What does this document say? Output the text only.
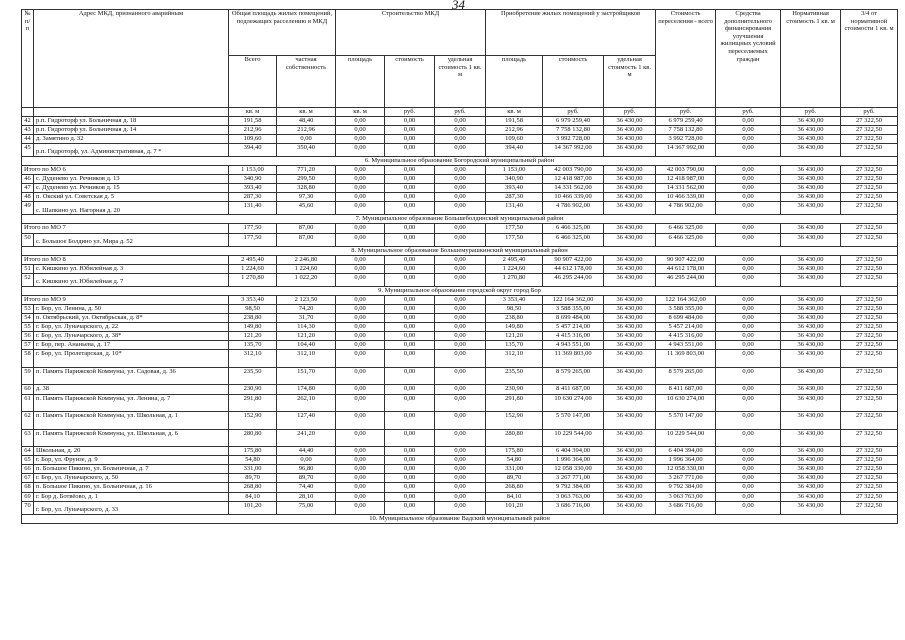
34
№ п/п	Адрес МКД, признанного аварийным	Общая площадь жилых помещений, подлежащих расселению в МКД		Строительство МКД			Приобретение жилых помещений у застройщиков			Стоимость переселения - всего	Средства дополнительного финансирования улучшения жилищных условий переселяемых граждан	Нормативная стоимость 1 кв. м	3/4 от нормативной стоимости 1 кв. м
		Всего	частная собственность	площадь	стоимость	удельная стоимость 1 кв. м	площадь	стоимость	удельная стоимость 1 кв. м				
		кв. м	кв. м	кв. м	руб.	руб.	кв. м	руб.	руб.	руб.	руб.	руб.	руб.
42	р.п. Гидроторф ул. Больничная д. 18	191,58	48,40	0,00	0,00	0,00	191,58	6 979 259,40	36 430,00	6 979 259,40	0,00	36 430,00	27 322,50
43	р.п. Гидроторф ул. Больничная д. 14	212,96	212,96	0,00	0,00	0,00	212,96	7 758 132,80	36 430,00	7 758 132,80	0,00	36 430,00	27 322,50
44	д. Замятино д. 32	109,60	0,00	0,00	0,00	0,00	109,60	3 992 728,00	36 430,00	3 992 728,00	0,00	36 430,00	27 322,50
45	р.п. Гидроторф, ул. Административная, д. 7 *	394,40	350,40	0,00	0,00	0,00	394,40	14 367 992,00	36 430,00	14 367 992,00	0,00	36 430,00	27 322,50
6. Муниципальное образование Богородский муниципальный район													
Итого по МО 6		1 153,00	771,20	0,00	0,00	0,00	1 153,00	42 003 790,00	36 430,00	42 003 790,00	0,00	36 430,00	27 322,50
46	с. Дуденево ул. Речников д. 13	340,90	299,50	0,00	0,00	0,00	340,90	12 418 987,00	36 430,00	12 418 987,00	0,00	36 430,00	27 322,50
47	с. Дуденево ул. Речников д. 15	393,40	328,80	0,00	0,00	0,00	393,40	14 331 562,00	36 430,00	14 331 562,00	0,00	36 430,00	27 322,50
48	п. Окский ул. Советская д. 5	287,30	97,30	0,00	0,00	0,00	287,30	10 466 339,00	36 430,00	10 466 339,00	0,00	36 430,00	27 322,50
49	с. Шапкино ул. Нагорная д. 20	131,40	45,60	0,00	0,00	0,00	131,40	4 786 902,00	36 430,00	4 786 902,00	0,00	36 430,00	27 322,50
7. Муниципальное образование Большеболдинский муниципальный район													
Итого по МО 7		177,50	87,00	0,00	0,00	0,00	177,50	6 466 325,00	36 430,00	6 466 325,00	0,00	36 430,00	27 322,50
50	с. Большое Болдино ул. Мира д. 52	177,50	87,00	0,00	0,00	0,00	177,50	6 466 325,00	36 430,00	6 466 325,00	0,00	36 430,00	27 322,50
8. Муниципальное образование Большемурашкинский муниципальный район													
Итого по МО 8		2 495,40	2 246,80	0,00	0,00	0,00	2 495,40	90 907 422,00	36 430,00	90 907 422,00	0,00	36 430,00	27 322,50
51	с. Кишкино ул. Юбилейная д. 3	1 224,60	1 224,60	0,00	0,00	0,00	1 224,60	44 612 178,00	36 430,00	44 612 178,00	0,00	36 430,00	27 322,50
52	с. Кишкино ул. Юбилейная д. 7	1 270,80	1 022,20	0,00	0,00	0,00	1 270,80	46 295 244,00	36 430,00	46 295 244,00	0,00	36 430,00	27 322,50
9. Муниципальное образование городской округ город Бор													
Итого по МО 9		3 353,40	2 123,50	0,00	0,00	0,00	3 353,40	122 164 362,00	36 430,00	122 164 362,00	0,00	36 430,00	27 322,50
53	г. Бор, ул. Ленина, д. 50	98,50	74,20	0,00	0,00	0,00	98,50	3 588 355,00	36 430,00	3 588 355,00	0,00	36 430,00	27 322,50
54	п. Октябрьский, ул. Октябрьская, д. 8*	238,80	31,70	0,00	0,00	0,00	238,80	8 699 484,00	36 430,00	8 699 484,00	0,00	36 430,00	27 322,50
55	г. Бор, ул. Луначарского, д. 22	149,80	114,30	0,00	0,00	0,00	149,80	5 457 214,00	36 430,00	5 457 214,00	0,00	36 430,00	27 322,50
56	г. Бор, ул. Луначарского, д. 38*	121,20	121,20	0,00	0,00	0,00	121,20	4 415 316,00	36 430,00	4 415 316,00	0,00	36 430,00	27 322,50
57	г. Бор, пер. Ананьева, д. 17	135,70	104,40	0,00	0,00	0,00	135,70	4 943 551,00	36 430,00	4 943 551,00	0,00	36 430,00	27 322,50
58	г. Бор, ул. Пролетарская, д. 10*	312,10	312,10	0,00	0,00	0,00	312,10	11 369 803,00	36 430,00	11 369 803,00	0,00	36 430,00	27 322,50
59	п. Память Парижской Коммуны, ул. Садовая, д. 36	235,50	151,70	0,00	0,00	0,00	235,50	8 579 265,00	36 430,00	8 579 265,00	0,00	36 430,00	27 322,50
60	д. 38	230,90	174,80	0,00	0,00	0,00	230,90	8 411 687,00	36 430,00	8 411 687,00	0,00	36 430,00	27 322,50
61	п. Память Парижской Коммуны, ул. Ленина, д. 7	291,80	262,10	0,00	0,00	0,00	291,80	10 630 274,00	36 430,00	10 630 274,00	0,00	36 430,00	27 322,50
62	п. Память Парижской Коммуны, ул. Школьная, д. 1	152,90	127,40	0,00	0,00	0,00	152,90	5 570 147,00	36 430,00	5 570 147,00	0,00	36 430,00	27 322,50
63	п. Память Парижской Коммуны, ул. Школьная, д. 6	280,80	241,20	0,00	0,00	0,00	280,80	10 229 544,00	36 430,00	10 229 544,00	0,00	36 430,00	27 322,50
64	Школьная, д. 20	175,80	44,40	0,00	0,00	0,00	175,80	6 404 394,00	36 430,00	6 404 394,00	0,00	36 430,00	27 322,50
65	г. Бор, ул. Фрунзе, д. 9	54,80	0,00	0,00	0,00	0,00	54,80	1 996 364,00	36 430,00	1 996 364,00	0,00	36 430,00	27 322,50
66	п. Большое Пикино, ул. Больничная, д. 7	331,00	96,80	0,00	0,00	0,00	331,00	12 058 330,00	36 430,00	12 058 330,00	0,00	36 430,00	27 322,50
67	г. Бор, ул. Луначарского, д. 50	89,70	89,70	0,00	0,00	0,00	89,70	3 267 771,00	36 430,00	3 267 771,00	0,00	36 430,00	27 322,50
68	п. Большое Пикино, ул. Больничная, д. 16	268,80	74,40	0,00	0,00	0,00	268,80	9 792 384,00	36 430,00	9 792 384,00	0,00	36 430,00	27 322,50
69	г. Бор д. Ботвёово, д. 1	84,10	28,10	0,00	0,00	0,00	84,10	3 063 763,00	36 430,00	3 063 763,00	0,00	36 430,00	27 322,50
70	г. Бор, ул. Луначарского, д. 33	101,20	75,00	0,00	0,00	0,00	101,20	3 686 716,00	36 430,00	3 686 716,00	0,00	36 430,00	27 322,50
10. Муниципальное образование Вадский муниципальный район													
